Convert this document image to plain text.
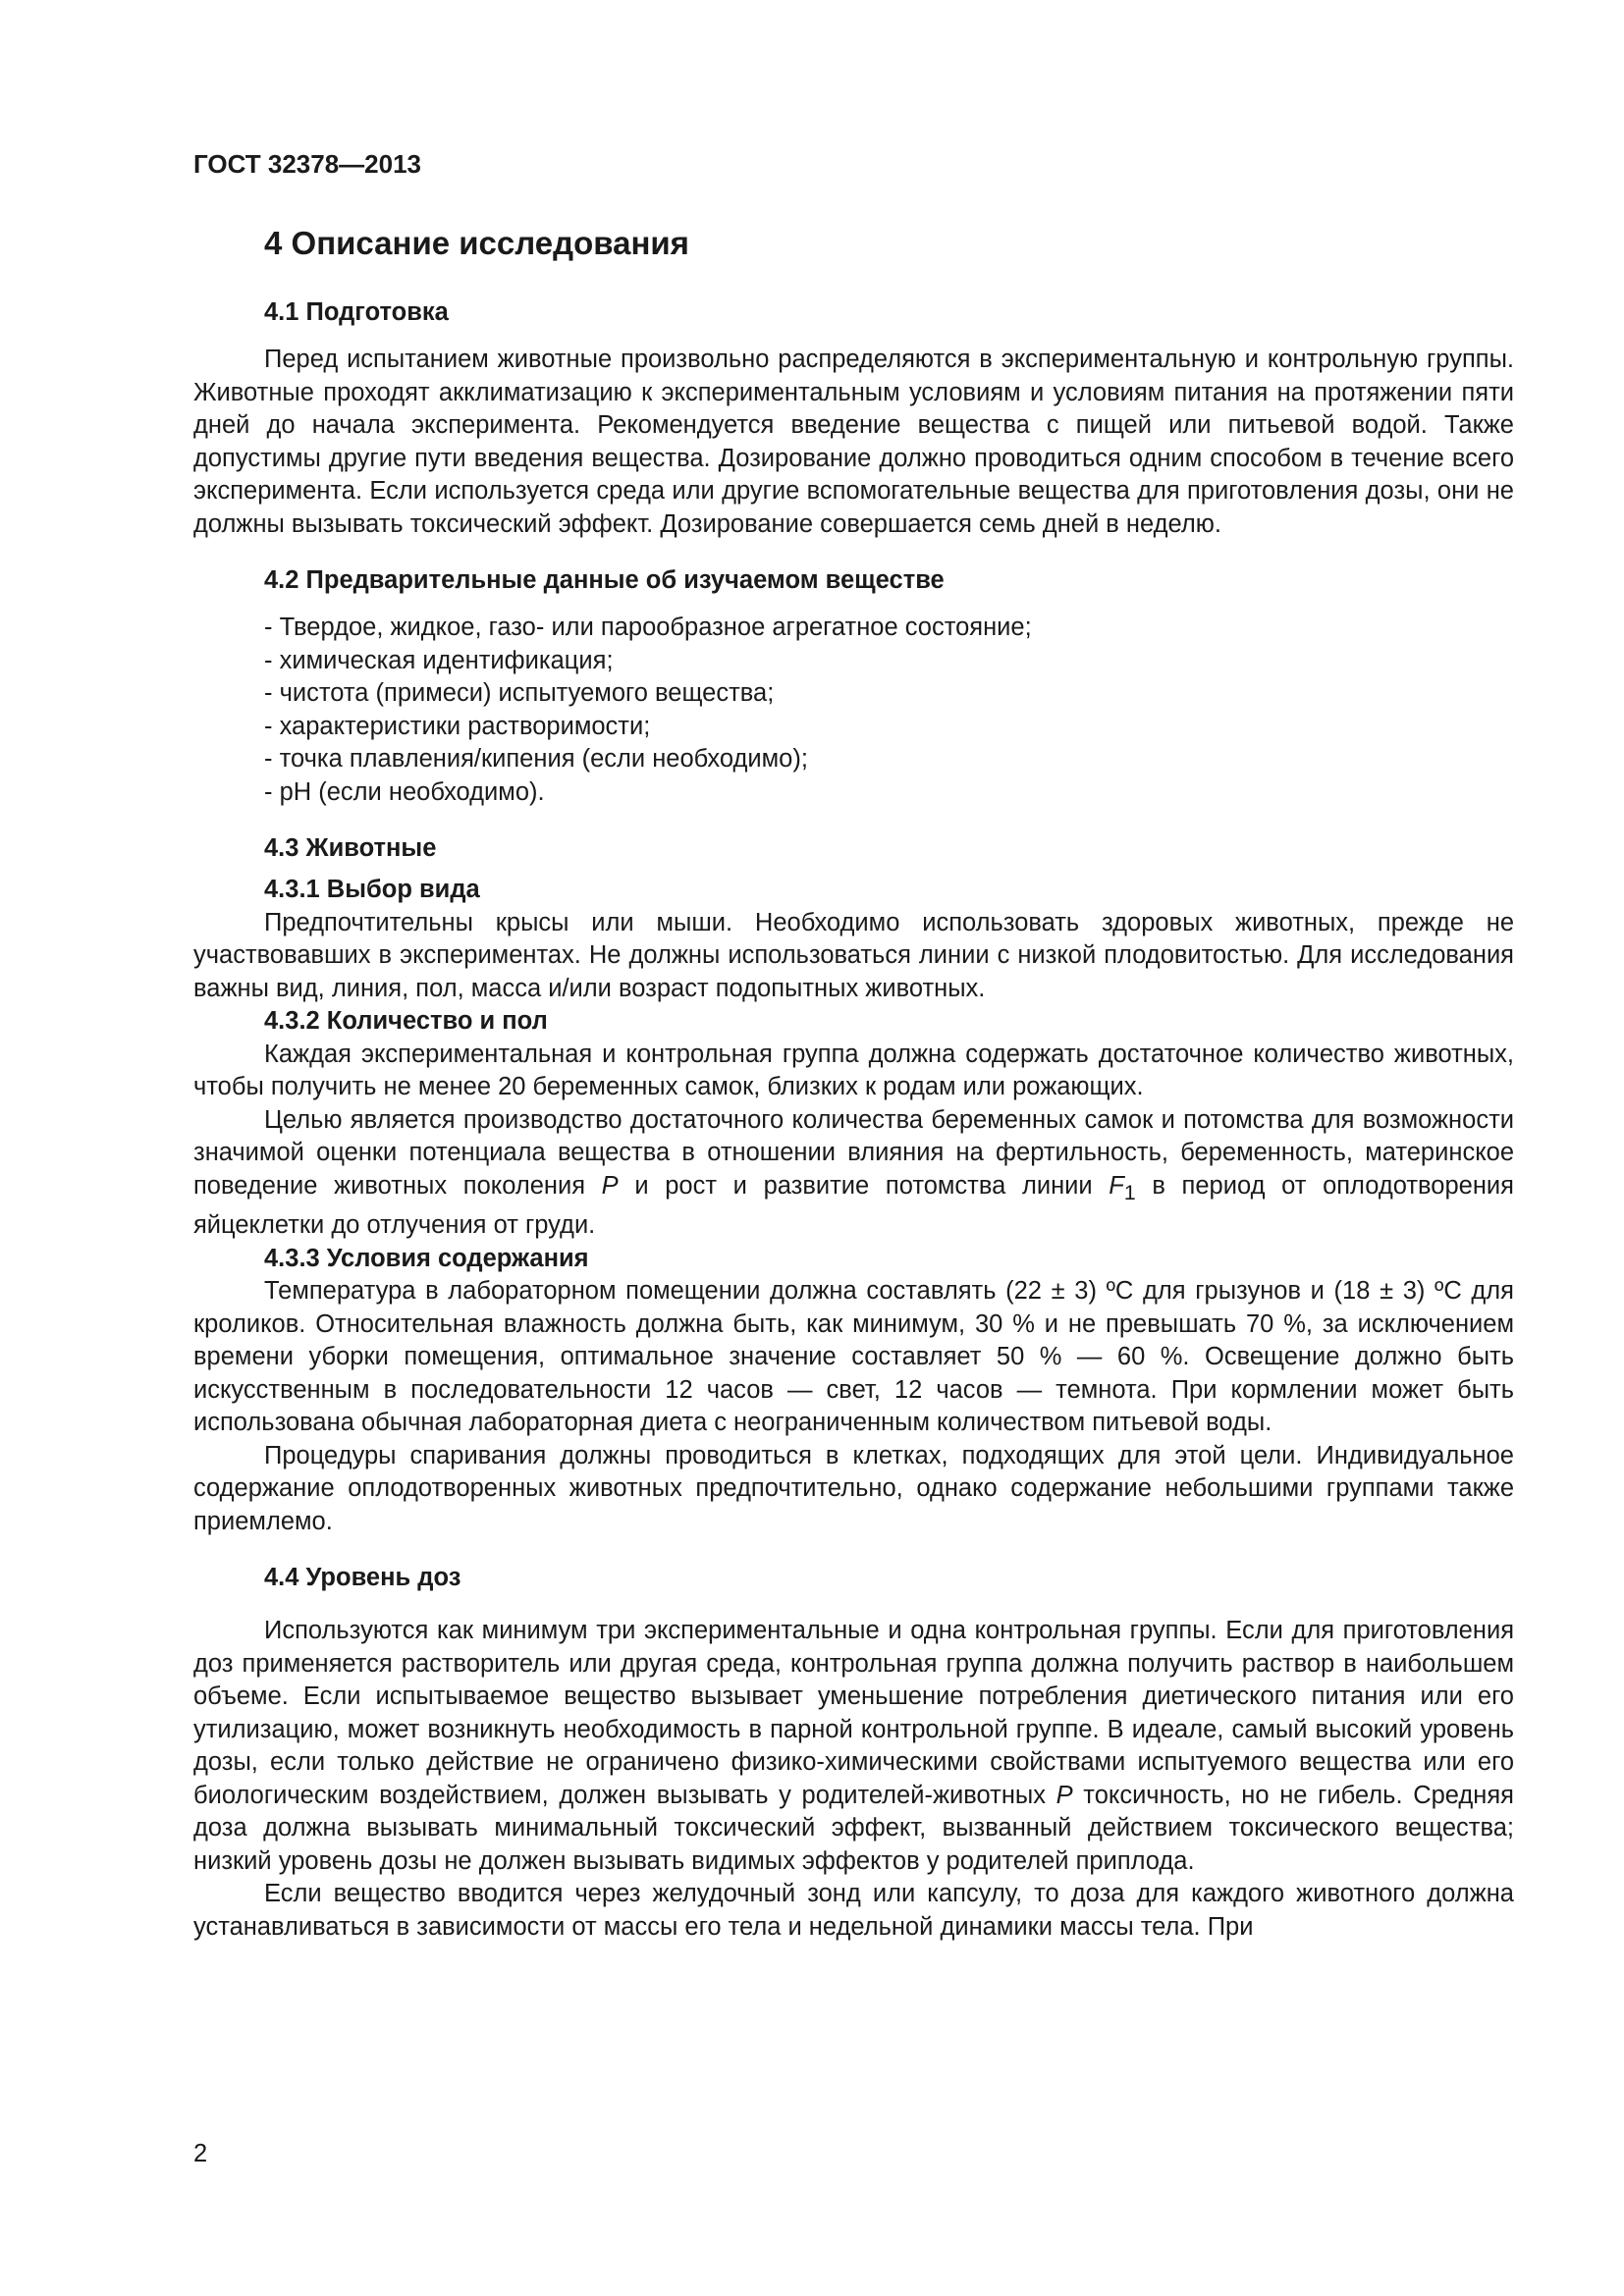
ГОСТ 32378—2013
4 Описание исследования
4.1 Подготовка

Перед испытанием животные произвольно распределяются в экспериментальную и контрольную группы. Животные проходят акклиматизацию к экспериментальным условиям и условиям питания на протяжении пяти дней до начала эксперимента. Рекомендуется введение вещества с пищей или питьевой водой. Также допустимы другие пути введения вещества. Дозирование должно проводиться одним способом в течение всего эксперимента. Если используется среда или другие вспомогательные вещества для приготовления дозы, они не должны вызывать токсический эффект. Дозирование совершается семь дней в неделю.

4.2 Предварительные данные об изучаемом веществе
- Твердое, жидкое, газо- или парообразное агрегатное состояние;
- химическая идентификация;
- чистота (примеси) испытуемого вещества;
- характеристики растворимости;
- точка плавления/кипения (если необходимо);
- рН (если необходимо).
4.3 Животные
4.3.1 Выбор вида

Предпочтительны крысы или мыши. Необходимо использовать здоровых животных, прежде не участвовавших в экспериментах. Не должны использоваться линии с низкой плодовитостью. Для исследования важны вид, линия, пол, масса и/или возраст подопытных животных.

4.3.2 Количество и пол

Каждая экспериментальная и контрольная группа должна содержать достаточное количество животных, чтобы получить не менее 20 беременных самок, близких к родам или рожающих.

Целью является производство достаточного количества беременных самок и потомства для возможности значимой оценки потенциала вещества в отношении влияния на фертильность, беременность, материнское поведение животных поколения P и рост и развитие потомства линии $F_1$ в период от оплодотворения яйцеклетки до отлучения от груди.

4.3.3 Условия содержания

Температура в лабораторном помещении должна составлять (22 ± 3) ºС для грызунов и (18 ± 3) ºС для кроликов. Относительная влажность должна быть, как минимум, 30 % и не превышать 70 %, за исключением времени уборки помещения, оптимальное значение составляет 50 % — 60 %. Освещение должно быть искусственным в последовательности 12 часов — свет, 12 часов — темнота. При кормлении может быть использована обычная лабораторная диета с неограниченным количеством питьевой воды.

Процедуры спаривания должны проводиться в клетках, подходящих для этой цели. Индивидуальное содержание оплодотворенных животных предпочтительно, однако содержание небольшими группами также приемлемо.

4.4 Уровень доз

Используются как минимум три экспериментальные и одна контрольная группы. Если для приготовления доз применяется растворитель или другая среда, контрольная группа должна получить раствор в наибольшем объеме. Если испытываемое вещество вызывает уменьшение потребления диетического питания или его утилизацию, может возникнуть необходимость в парной контрольной группе. В идеале, самый высокий уровень дозы, если только действие не ограничено физико-химическими свойствами испытуемого вещества или его биологическим воздействием, должен вызывать у родителей-животных P токсичность, но не гибель. Средняя доза должна вызывать минимальный токсический эффект, вызванный действием токсического вещества; низкий уровень дозы не должен вызывать видимых эффектов у родителей приплода.

Если вещество вводится через желудочный зонд или капсулу, то доза для каждого животного должна устанавливаться в зависимости от массы его тела и недельной динамики массы тела. При

2
